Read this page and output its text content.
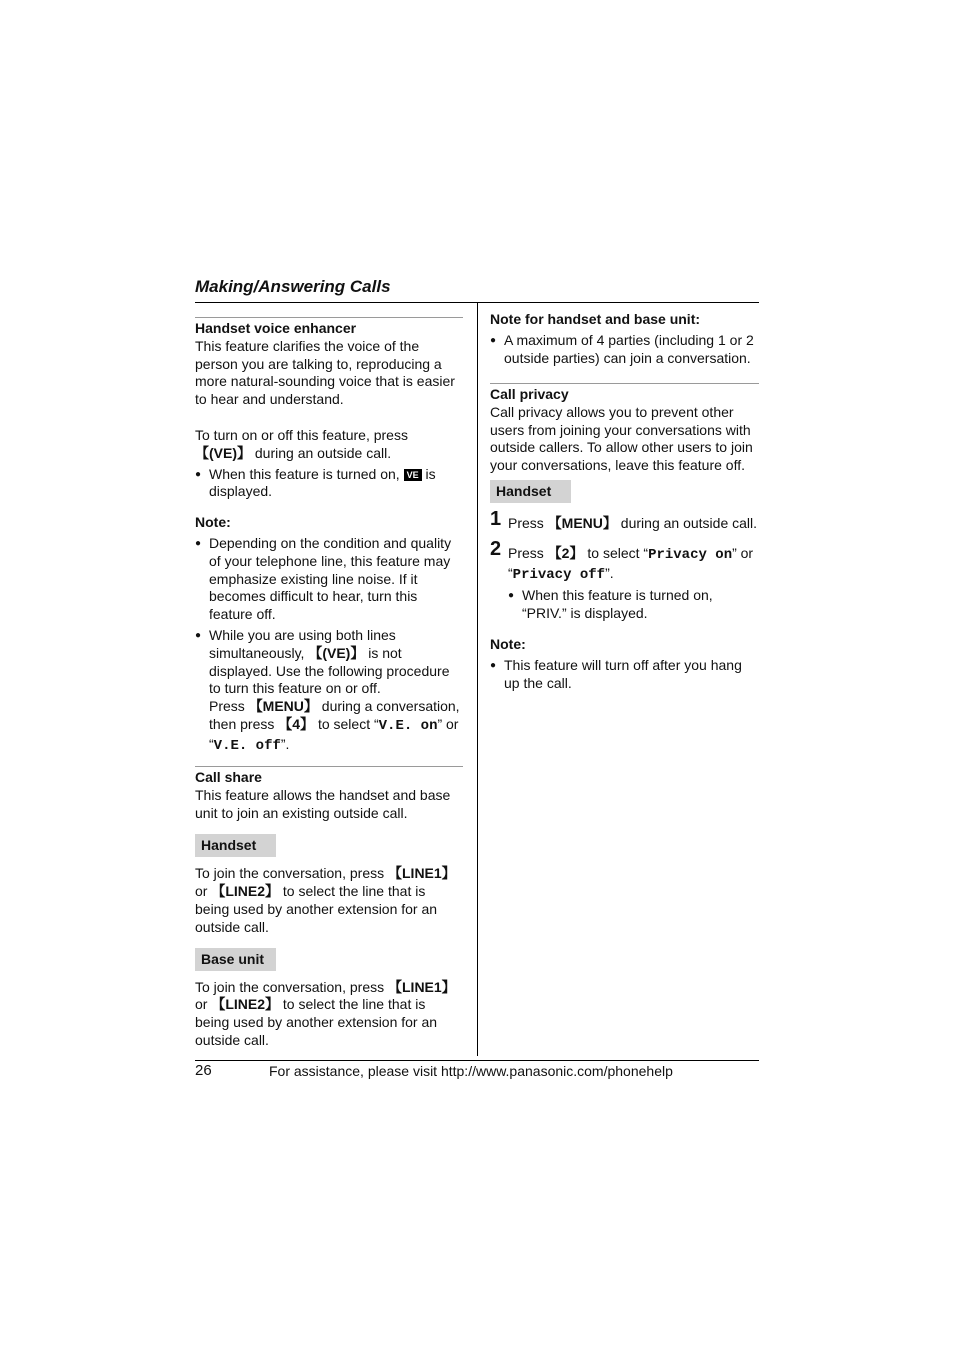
Making/Answering Calls

Handset voice enhancer

This feature clarifies the voice of the person you are talking to, reproducing a more natural-sounding voice that is easier to hear and understand.

To turn on or off this feature, press 【(VE)】 during an outside call.

● When this feature is turned on, VE is displayed.

Note:

● Depending on the condition and quality of your telephone line, this feature may emphasize existing line noise. If it becomes difficult to hear, turn this feature off.

● While you are using both lines simultaneously, 【(VE)】 is not displayed. Use the following procedure to turn this feature on or off.
Press 【MENU】 during a conversation, then press 【4】 to select “V.E. on” or “V.E. off”.

Call share

This feature allows the handset and base unit to join an existing outside call.

Handset

To join the conversation, press 【LINE1】 or 【LINE2】 to select the line that is being used by another extension for an outside call.

Base unit

To join the conversation, press 【LINE1】 or 【LINE2】 to select the line that is being used by another extension for an outside call.

Note for handset and base unit:

● A maximum of 4 parties (including 1 or 2 outside parties) can join a conversation.

Call privacy

Call privacy allows you to prevent other users from joining your conversations with outside callers. To allow other users to join your conversations, leave this feature off.

Handset

1 Press 【MENU】 during an outside call.

2 Press 【2】 to select “Privacy on” or “Privacy off”.

● When this feature is turned on, “PRIV.” is displayed.

Note:

● This feature will turn off after you hang up the call.

26	For assistance, please visit http://www.panasonic.com/phonehelp
